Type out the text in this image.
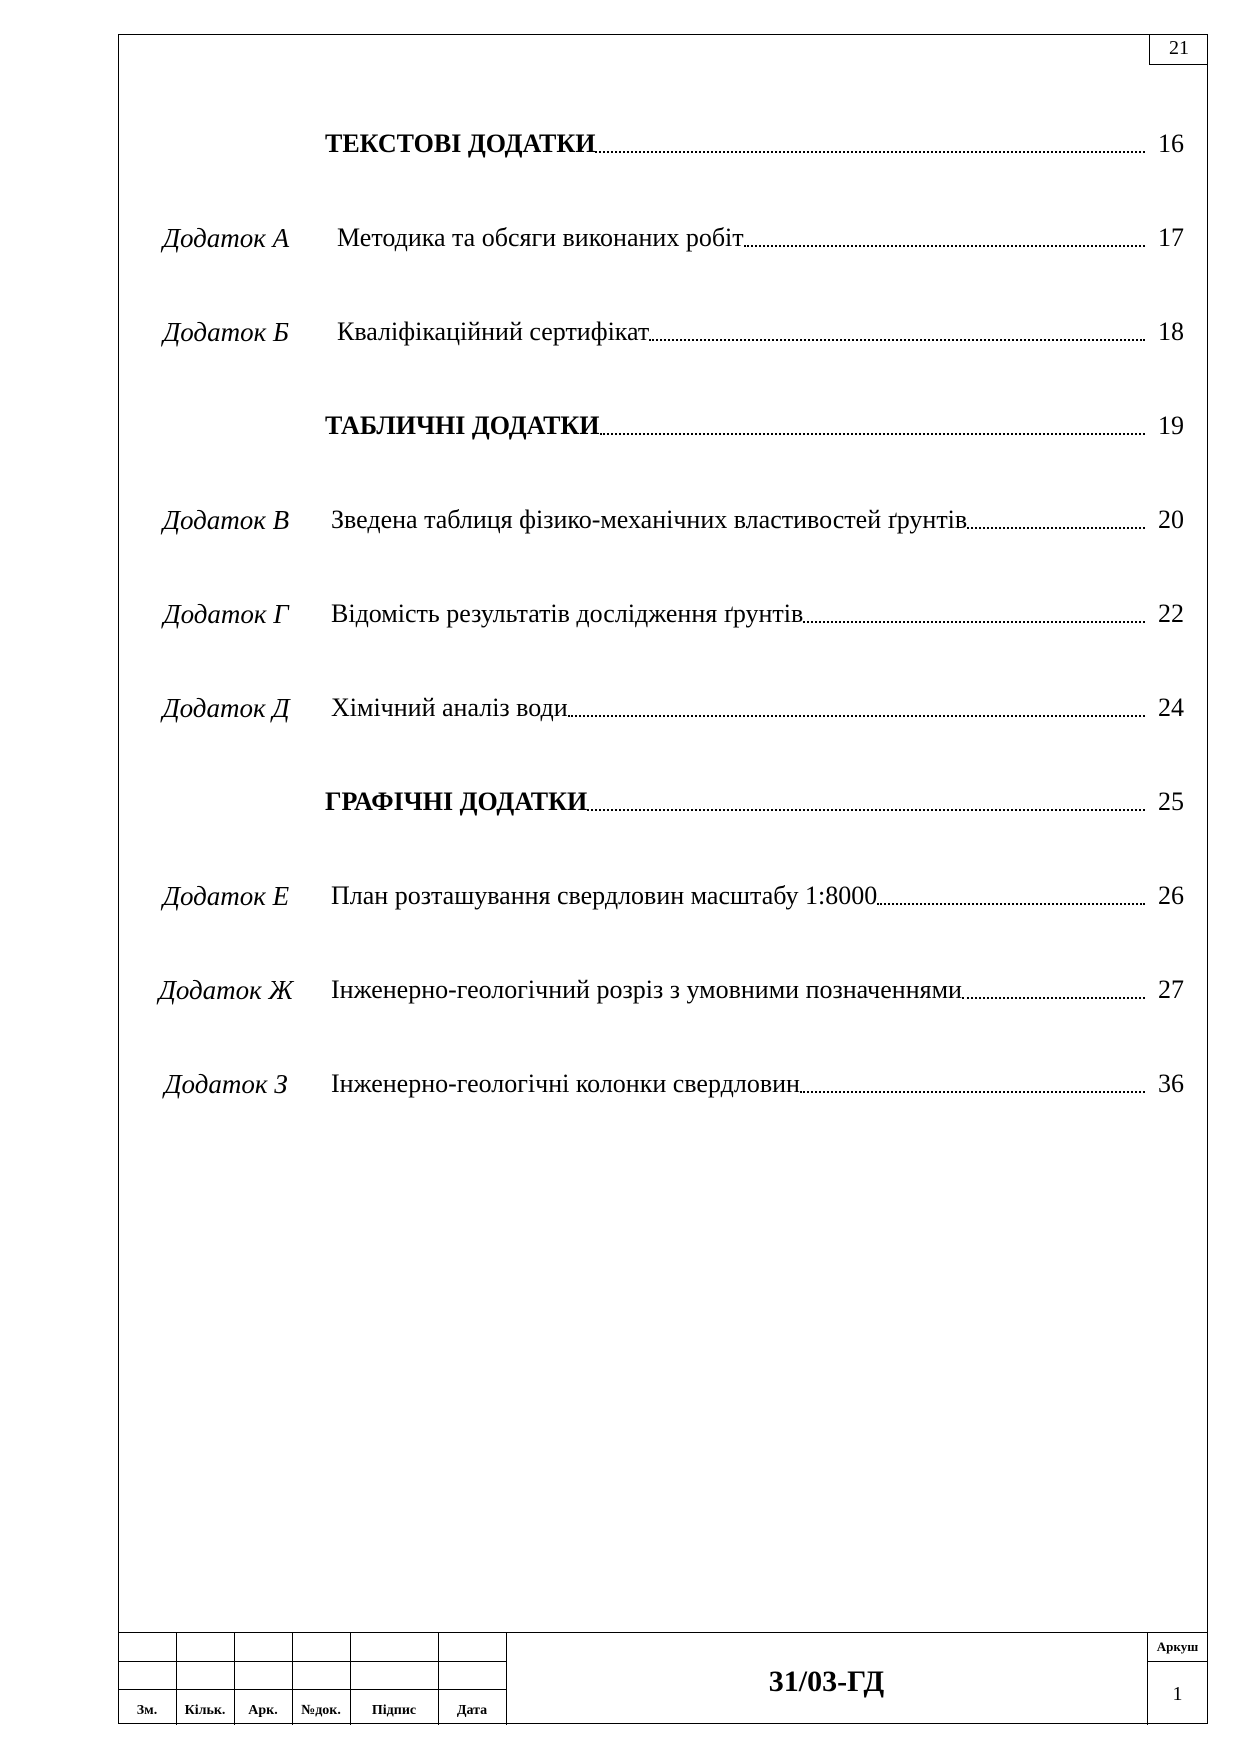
21
ТЕКСТОВІ ДОДАТКИ	16
Додаток А	Методика та обсяги виконаних робіт	17
Додаток Б	Кваліфікаційний сертифікат	18
ТАБЛИЧНІ ДОДАТКИ	19
Додаток В	Зведена таблиця фізико-механічних властивостей ґрунтів	20
Додаток Г	Відомість результатів дослідження ґрунтів	22
Додаток Д	Хімічний аналіз води	24
ГРАФІЧНІ ДОДАТКИ	25
Додаток Е	План розташування свердловин масштабу 1:8000	26
Додаток Ж	Інженерно-геологічний розріз з умовними позначеннями	27
Додаток З	Інженерно-геологічні колонки свердловин	36
Зм.	Кільк.	Арк.	№док.	Підпис	Дата
31/03-ГД
Аркуш
1
